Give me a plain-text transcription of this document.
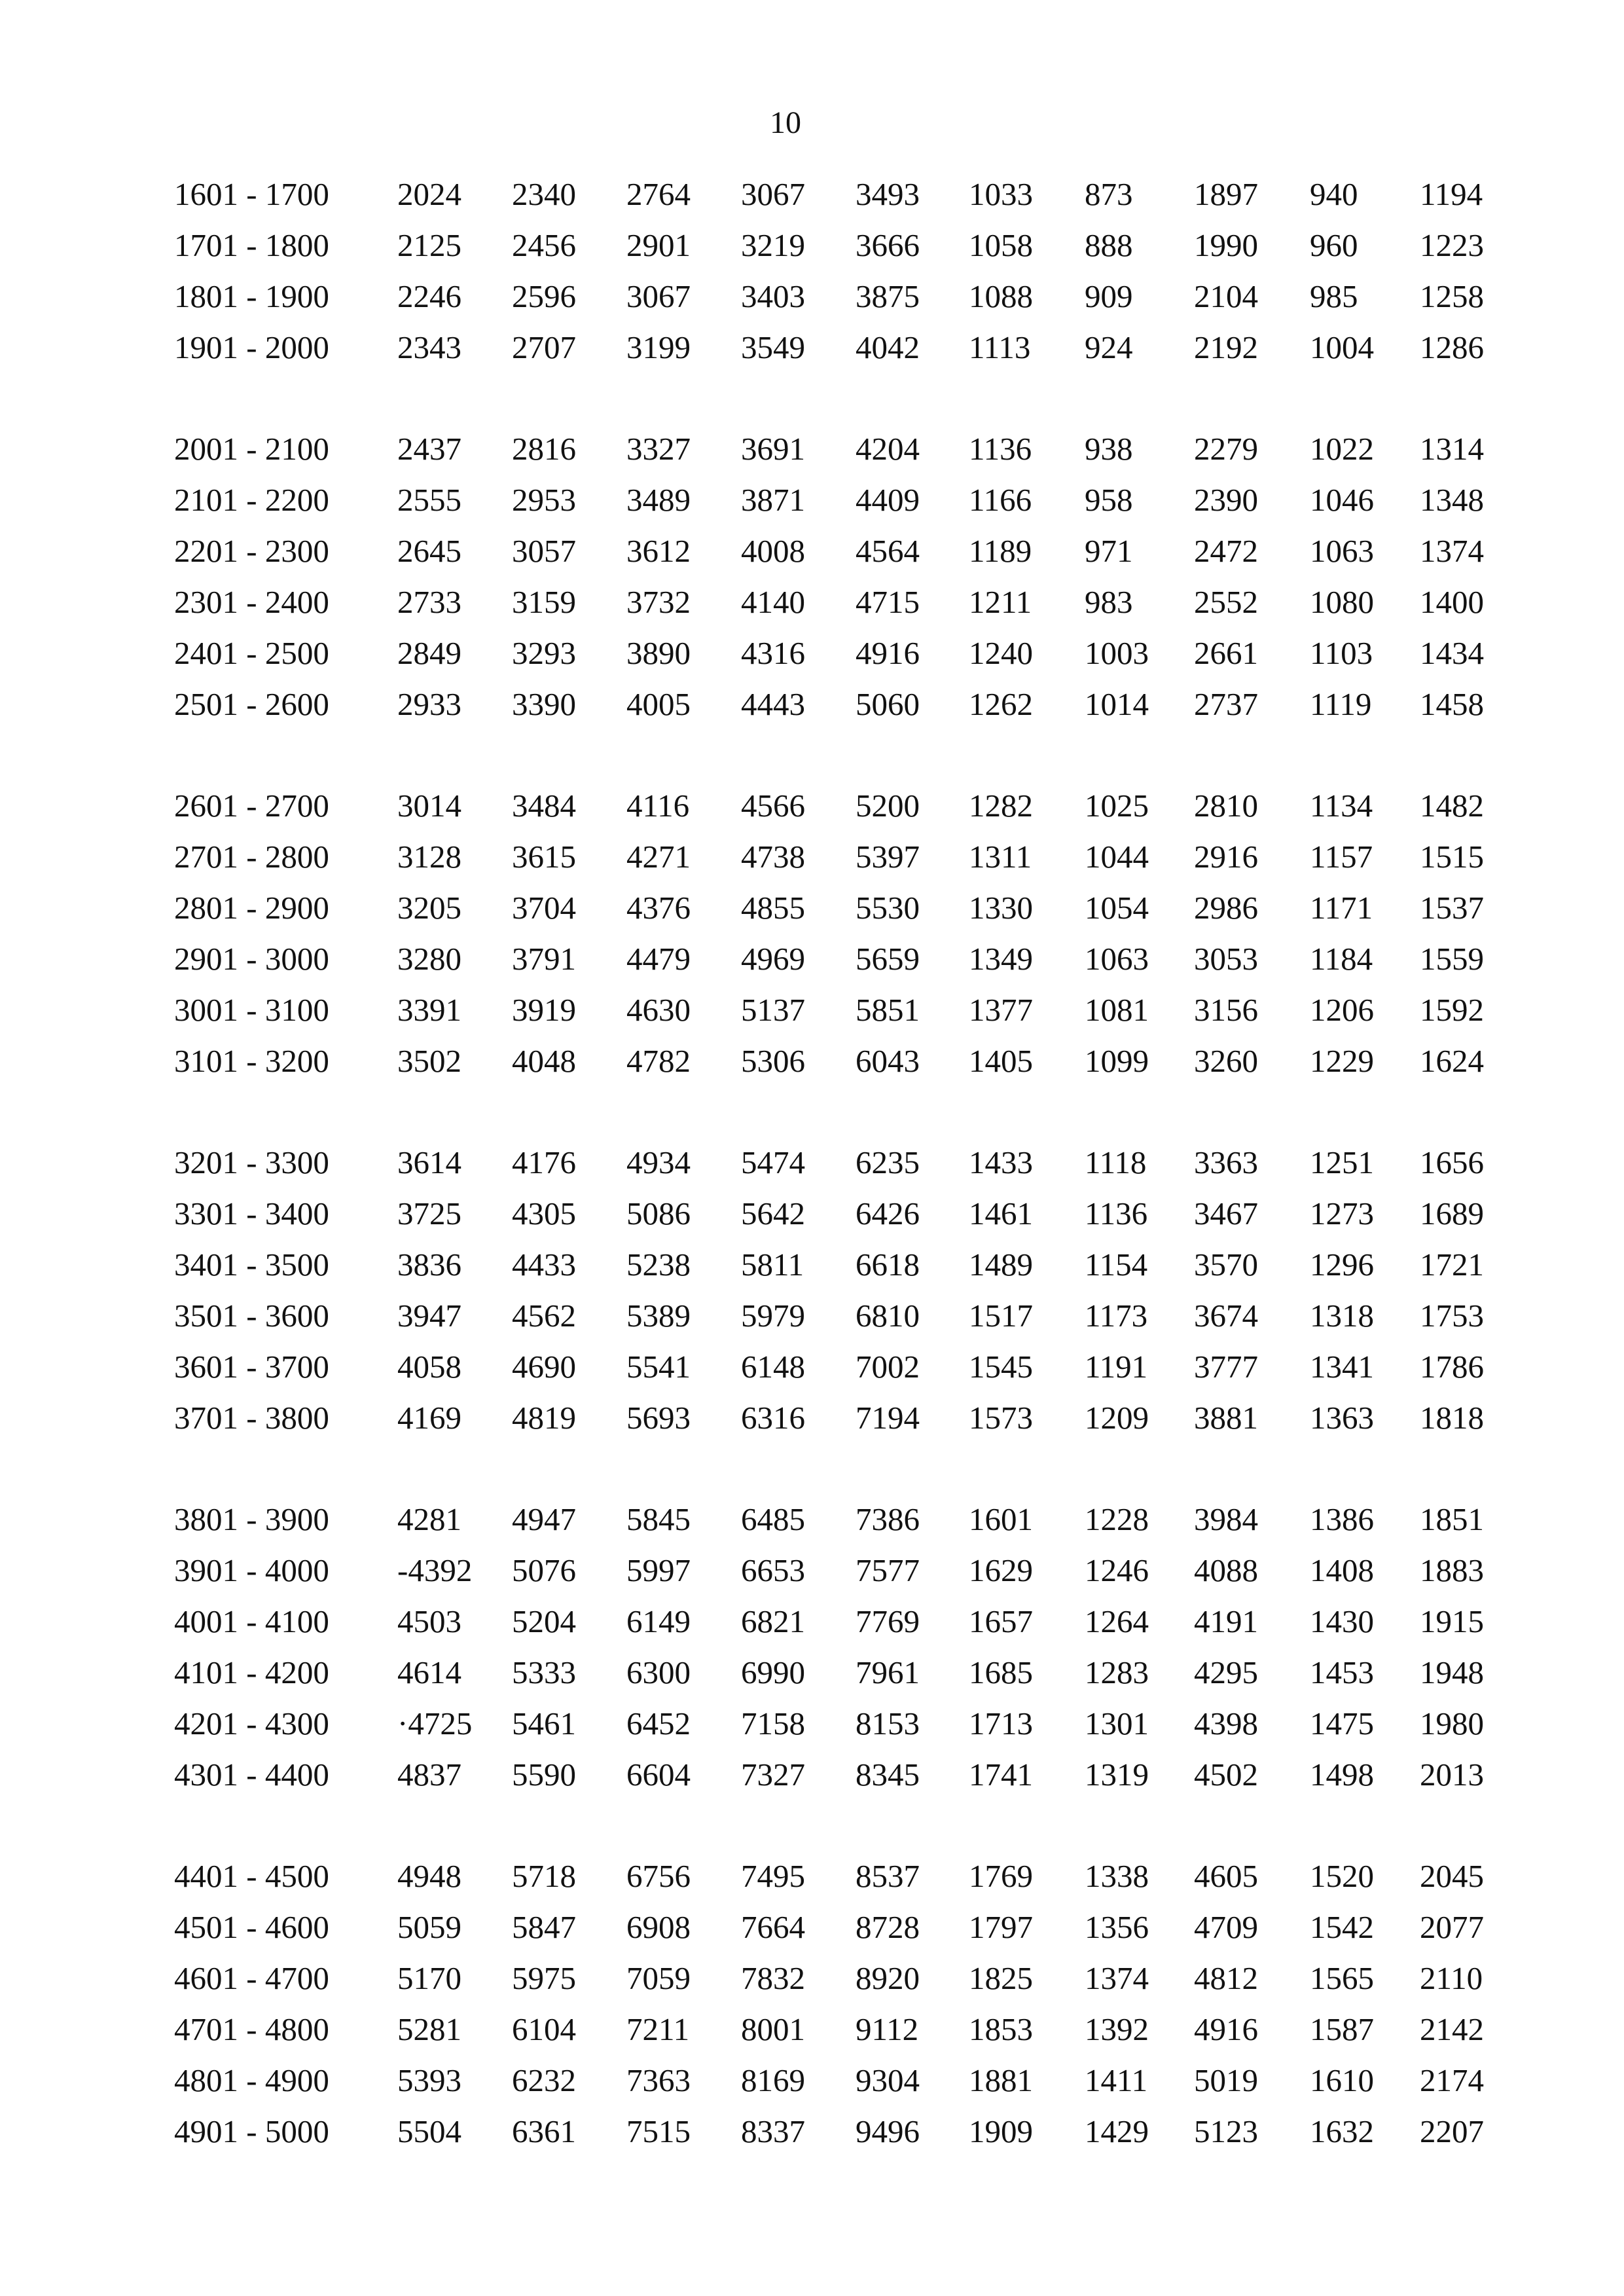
10
1601 - 1700 2024 2340 2764 3067 3493 1033 873 1897 940 1194
1701 - 1800 2125 2456 2901 3219 3666 1058 888 1990 960 1223
1801 - 1900 2246 2596 3067 3403 3875 1088 909 2104 985 1258
1901 - 2000 2343 2707 3199 3549 4042 1113 924 2192 1004 1286
2001 - 2100 2437 2816 3327 3691 4204 1136 938 2279 1022 1314
2101 - 2200 2555 2953 3489 3871 4409 1166 958 2390 1046 1348
2201 - 2300 2645 3057 3612 4008 4564 1189 971 2472 1063 1374
2301 - 2400 2733 3159 3732 4140 4715 1211 983 2552 1080 1400
2401 - 2500 2849 3293 3890 4316 4916 1240 1003 2661 1103 1434
2501 - 2600 2933 3390 4005 4443 5060 1262 1014 2737 1119 1458
2601 - 2700 3014 3484 4116 4566 5200 1282 1025 2810 1134 1482
2701 - 2800 3128 3615 4271 4738 5397 1311 1044 2916 1157 1515
2801 - 2900 3205 3704 4376 4855 5530 1330 1054 2986 1171 1537
2901 - 3000 3280 3791 4479 4969 5659 1349 1063 3053 1184 1559
3001 - 3100 3391 3919 4630 5137 5851 1377 1081 3156 1206 1592
3101 - 3200 3502 4048 4782 5306 6043 1405 1099 3260 1229 1624
3201 - 3300 3614 4176 4934 5474 6235 1433 1118 3363 1251 1656
3301 - 3400 3725 4305 5086 5642 6426 1461 1136 3467 1273 1689
3401 - 3500 3836 4433 5238 5811 6618 1489 1154 3570 1296 1721
3501 - 3600 3947 4562 5389 5979 6810 1517 1173 3674 1318 1753
3601 - 3700 4058 4690 5541 6148 7002 1545 1191 3777 1341 1786
3701 - 3800 4169 4819 5693 6316 7194 1573 1209 3881 1363 1818
3801 - 3900 4281 4947 5845 6485 7386 1601 1228 3984 1386 1851
3901 - 4000 -4392 5076 5997 6653 7577 1629 1246 4088 1408 1883
4001 - 4100 4503 5204 6149 6821 7769 1657 1264 4191 1430 1915
4101 - 4200 4614 5333 6300 6990 7961 1685 1283 4295 1453 1948
4201 - 4300 ·4725 5461 6452 7158 8153 1713 1301 4398 1475 1980
4301 - 4400 4837 5590 6604 7327 8345 1741 1319 4502 1498 2013
4401 - 4500 4948 5718 6756 7495 8537 1769 1338 4605 1520 2045
4501 - 4600 5059 5847 6908 7664 8728 1797 1356 4709 1542 2077
4601 - 4700 5170 5975 7059 7832 8920 1825 1374 4812 1565 2110
4701 - 4800 5281 6104 7211 8001 9112 1853 1392 4916 1587 2142
4801 - 4900 5393 6232 7363 8169 9304 1881 1411 5019 1610 2174
4901 - 5000 5504 6361 7515 8337 9496 1909 1429 5123 1632 2207
